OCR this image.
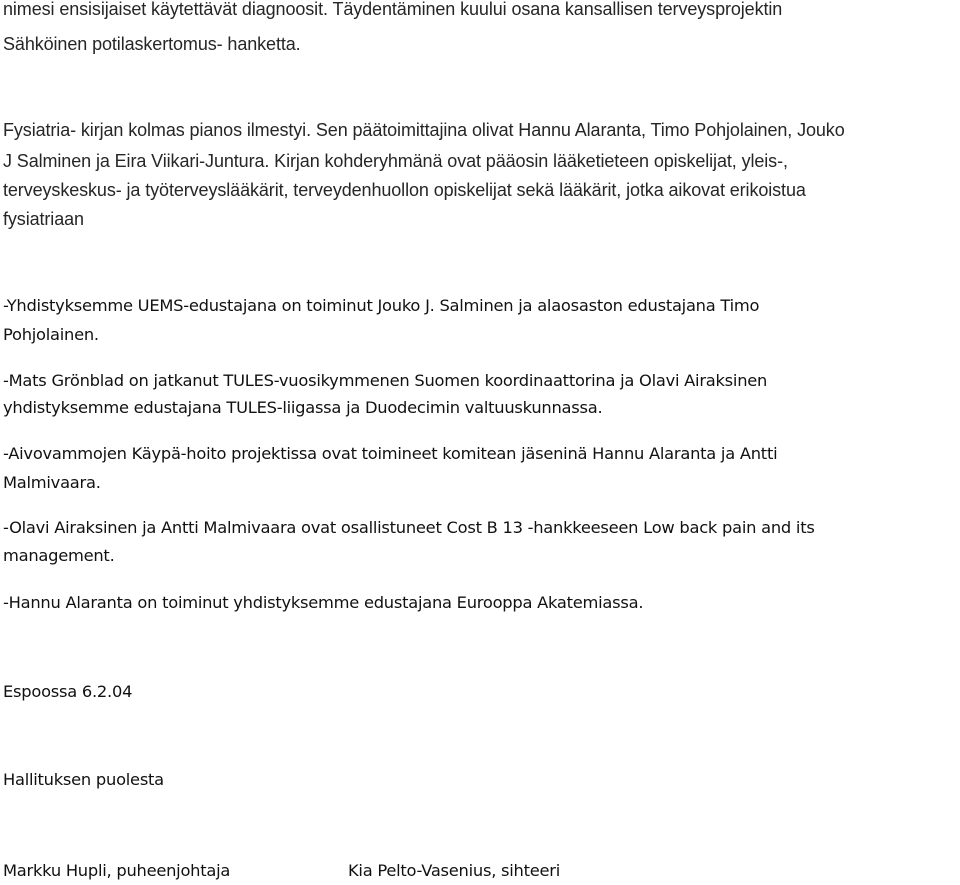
nimesi ensisijaiset käytettävät diagnoosit. Täydentäminen kuului osana kansallisen terveysprojektin
Sähköinen potilaskertomus- hanketta.
Fysiatria- kirjan kolmas pianos ilmestyi. Sen päätoimittajina olivat Hannu Alaranta, Timo Pohjolainen, Jouko
J Salminen ja Eira Viikari-Juntura. Kirjan kohderyhmänä ovat pääosin lääketieteen opiskelijat, yleis-,
terveyskeskus- ja työterveyslääkärit, terveydenhuollon opiskelijat sekä lääkärit, jotka aikovat erikoistua
fysiatriaan
-Yhdistyksemme UEMS-edustajana on toiminut Jouko J. Salminen ja alaosaston edustajana Timo
Pohjolainen.
-Mats Grönblad on jatkanut TULES-vuosikymmenen Suomen koordinaattorina ja Olavi Airaksinen
yhdistyksemme edustajana TULES-liigassa ja Duodecimin valtuuskunnassa.
-Aivovammojen Käypä-hoito projektissa ovat toimineet komitean jäseninä Hannu Alaranta ja Antti
Malmivaara.
-Olavi Airaksinen ja Antti Malmivaara ovat osallistuneet Cost B 13 -hankkeeseen Low back pain and its
management.
-Hannu Alaranta on toiminut yhdistyksemme edustajana Eurooppa Akatemiassa.
Espoossa 6.2.04
Hallituksen puolesta
Markku Hupli, puheenjohtaja	Kia Pelto-Vasenius, sihteeri
